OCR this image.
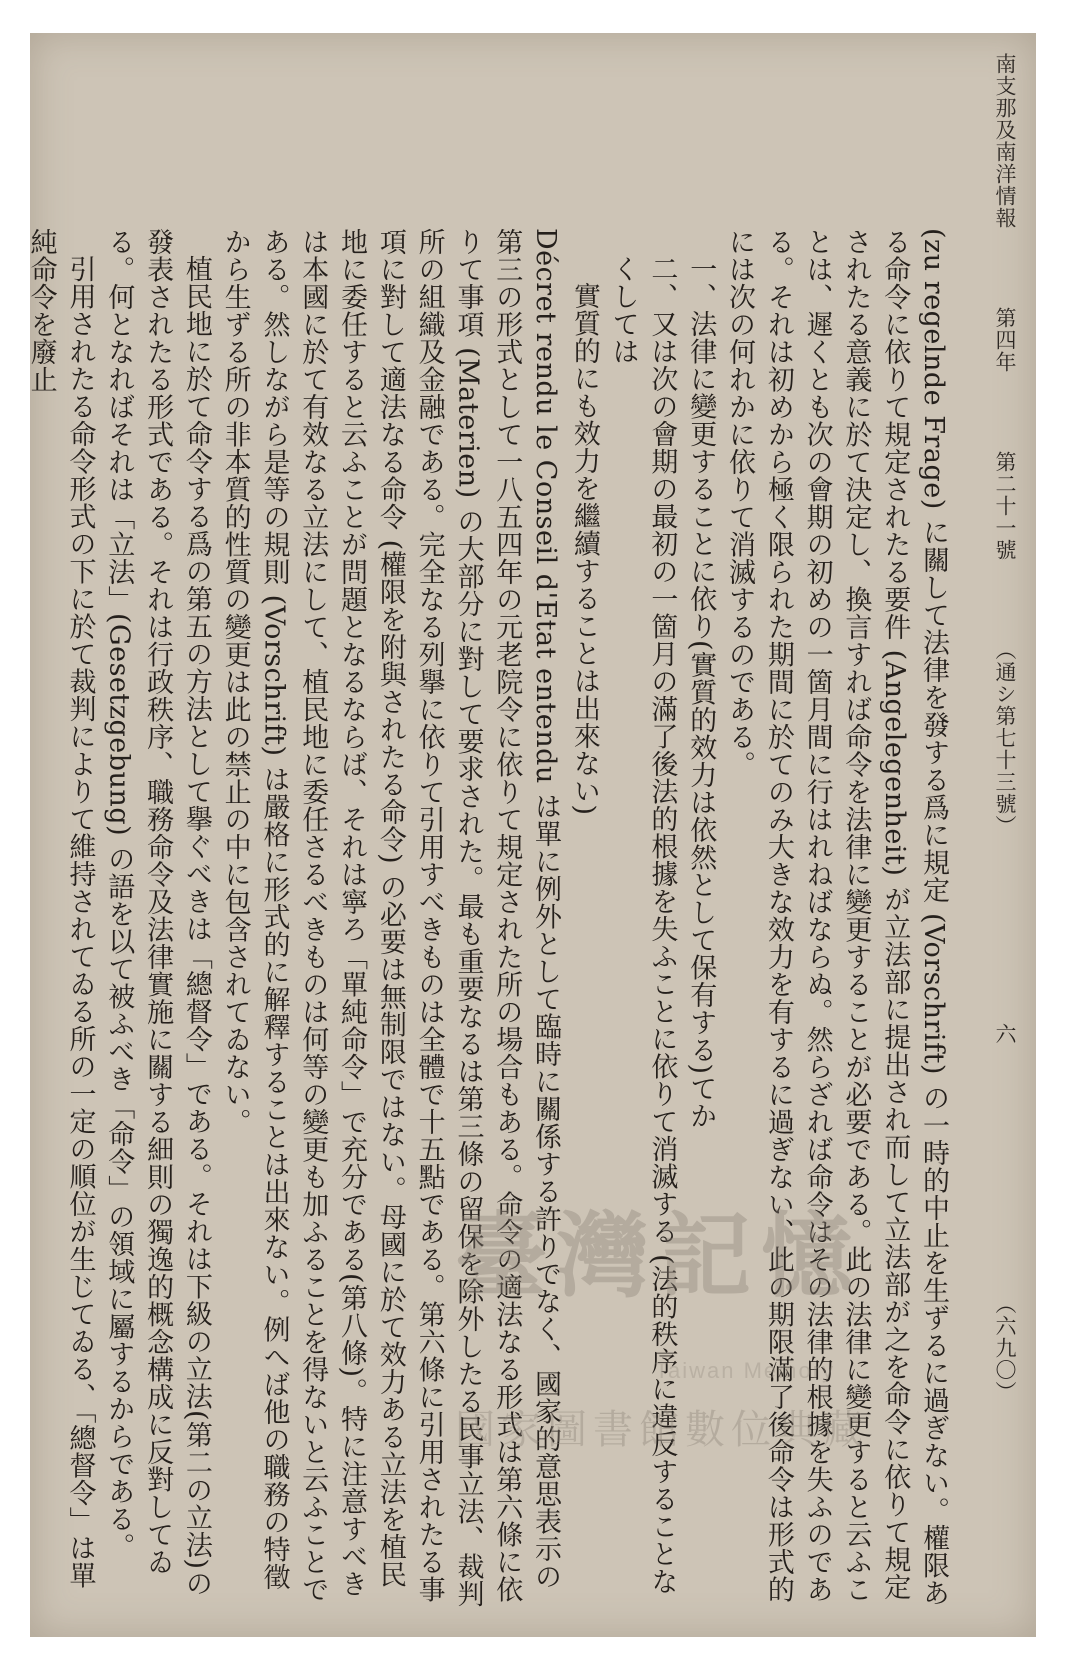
南支那及南洋情報  第四年  第二十一號  （通シ第七十三號）
六
（六九〇）

(zu regelnde Frage) に關して法律を發する爲に規定 (Vorschrift) の一時的中止を生ずるに過ぎない。權限ある命令に依りて規定されたる要件 (Angelegenheit) が立法部に提出され而して立法部が之を命令に依りて規定されたる意義に於て決定し、換言すれば命令を法律に變更することが必要である。此の法律に變更すると云ふことは、遲くとも次の會期の初めの一箇月間に行はれねばならぬ。然らざれば命令はその法律的根據を失ふのである。それは初めから極く限られた期間に於てのみ大きな效力を有するに過ぎない、此の期限滿了後命令は形式的には次の何れかに依りて消滅するのである。

一、法律に變更することに依り(實質的效力は依然として保有する)てか

二、又は次の會期の最初の一箇月の滿了後法的根據を失ふことに依りて消滅する (法的秩序に違反することなくしては

實質的にも效力を繼續することは出來ない)

Décret rendu le Conseil d'Etat entendu は單に例外として臨時に關係する許りでなく、國家的意思表示の第三の形式として一八五四年の元老院令に依りて規定された所の場合もある。命令の適法なる形式は第六條に依りて事項 (Materien) の大部分に對して要求された。最も重要なるは第三條の留保を除外したる民事立法、裁判所の組織及金融である。完全なる列擧に依りて引用すべきものは全體で十五點である。第六條に引用されたる事項に對して適法なる命令 (權限を附與されたる命令) の必要は無制限ではない。母國に於て效力ある立法を植民地に委任すると云ふことが問題となるならば、それは寧ろ「單純命令」で充分である(第八條)。特に注意すべきは本國に於て有效なる立法にして、植民地に委任さるべきものは何等の變更も加ふることを得ないと云ふことである。然しながら是等の規則 (Vorschrift) は嚴格に形式的に解釋することは出來ない。例へば他の職務の特徵から生ずる所の非本質的性質の變更は此の禁止の中に包含されてゐない。

植民地に於て命令する爲の第五の方法として擧ぐべきは「總督令」である。それは下級の立法(第二の立法)の發表されたる形式である。それは行政秩序、職務命令及法律實施に關する細則の獨逸的概念構成に反對してゐる。何となればそれは「立法」(Gesetzgebung) の語を以て被ふべき「命令」の領域に屬するからである。

引用されたる命令形式の下に於て裁判によりて維持されてゐる所の一定の順位が生じてゐる、「總督令」は單純命令を廢止

臺灣記憶
Taiwan Memory
國家圖書館數位典藏
